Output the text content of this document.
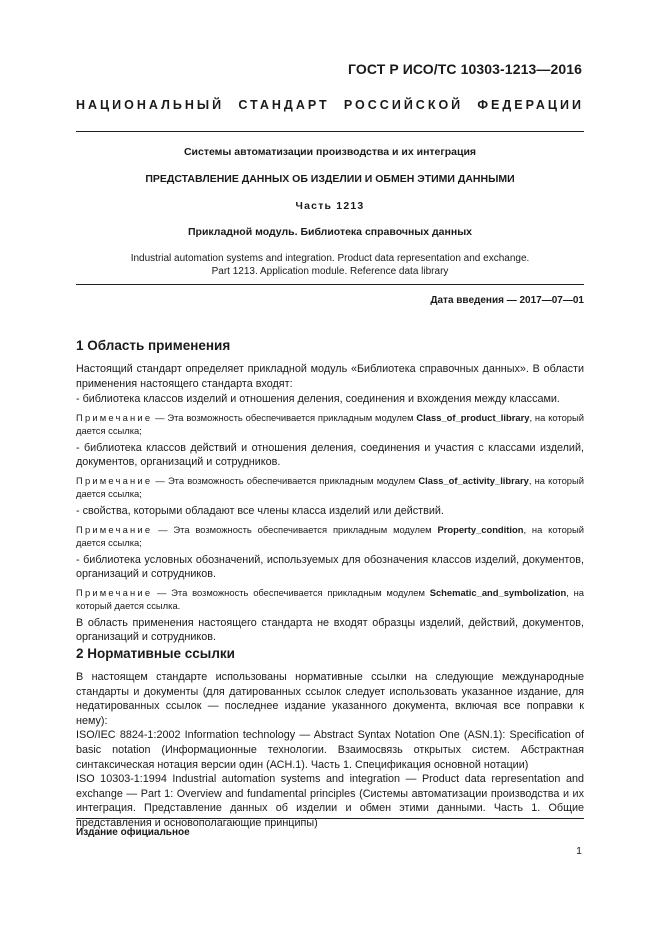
ГОСТ Р ИСО/ТС 10303-1213—2016
НАЦИОНАЛЬНЫЙ СТАНДАРТ РОССИЙСКОЙ ФЕДЕРАЦИИ
Системы автоматизации производства и их интеграция
ПРЕДСТАВЛЕНИЕ ДАННЫХ ОБ ИЗДЕЛИИ И ОБМЕН ЭТИМИ ДАННЫМИ
Часть 1213
Прикладной модуль. Библиотека справочных данных
Industrial automation systems and integration. Product data representation and exchange.
Part 1213. Application module. Reference data library
Дата введения — 2017—07—01
1 Область применения

Настоящий стандарт определяет прикладной модуль «Библиотека справочных данных». В области применения настоящего стандарта входят:

- библиотека классов изделий и отношения деления, соединения и вхождения между классами.

Примечание — Эта возможность обеспечивается прикладным модулем Class_of_product_library, на который дается ссылка;

- библиотека классов действий и отношения деления, соединения и участия с классами изделий, документов, организаций и сотрудников.

Примечание — Эта возможность обеспечивается прикладным модулем Class_of_activity_library, на который дается ссылка;

- свойства, которыми обладают все члены класса изделий или действий.

Примечание — Эта возможность обеспечивается прикладным модулем Property_condition, на который дается ссылка;

- библиотека условных обозначений, используемых для обозначения классов изделий, документов, организаций и сотрудников.

Примечание — Эта возможность обеспечивается прикладным модулем Schematic_and_symbolization, на который дается ссылка.

В область применения настоящего стандарта не входят образцы изделий, действий, документов, организаций и сотрудников.

2 Нормативные ссылки

В настоящем стандарте использованы нормативные ссылки на следующие международные стандарты и документы (для датированных ссылок следует использовать указанное издание, для недатированных ссылок — последнее издание указанного документа, включая все поправки к нему):

ISO/IEC 8824-1:2002 Information technology — Abstract Syntax Notation One (ASN.1): Specification of basic notation (Информационные технологии. Взаимосвязь открытых систем. Абстрактная синтаксическая нотация версии один (АСН.1). Часть 1. Спецификация основной нотации)

ISO 10303-1:1994 Industrial automation systems and integration — Product data representation and exchange — Part 1: Overview and fundamental principles (Системы автоматизации производства и их интеграция. Представление данных об изделии и обмен этими данными. Часть 1. Общие представления и основополагающие принципы)

Издание официальное
1
